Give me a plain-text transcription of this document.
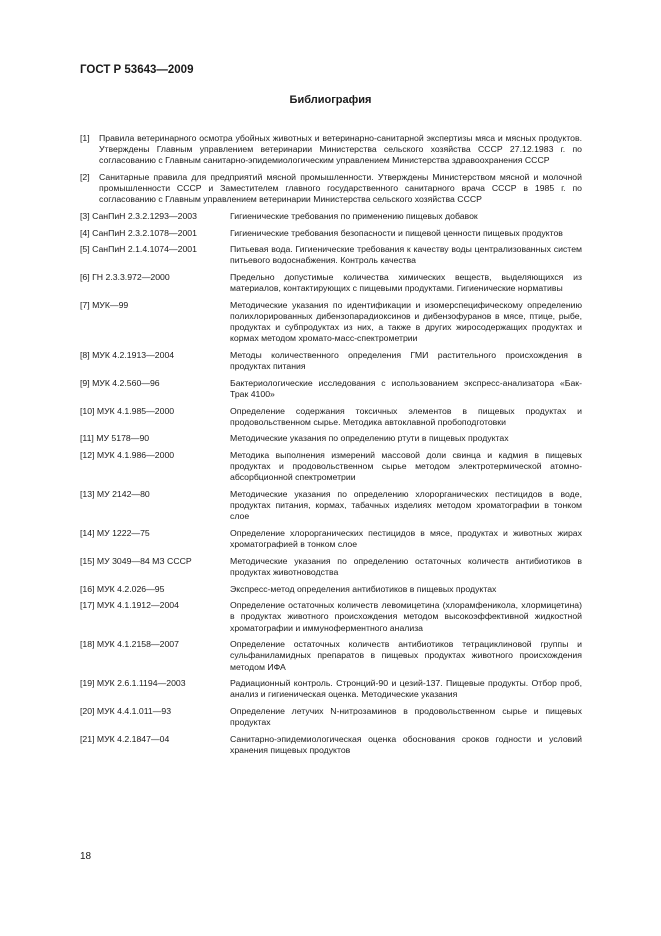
ГОСТ Р 53643—2009
Библиография
[1]	Правила ветеринарного осмотра убойных животных и ветеринарно-санитарной экспертизы мяса и мясных продуктов. Утверждены Главным управлением ветеринарии Министерства сельского хозяйства СССР 27.12.1983 г. по согласованию с Главным санитарно-эпидемиологическим управлением Министерства здравоохранения СССР
[2]	Санитарные правила для предприятий мясной промышленности. Утверждены Министерством мясной и молочной промышленности СССР и Заместителем главного государственного санитарного врача СССР в 1985 г. по согласованию с Главным управлением ветеринарии Министерства сельского хозяйства СССР
[3] СанПиН 2.3.2.1293—2003	Гигиенические требования по применению пищевых добавок
[4] СанПиН 2.3.2.1078—2001	Гигиенические требования безопасности и пищевой ценности пищевых продуктов
[5] СанПиН 2.1.4.1074—2001	Питьевая вода. Гигиенические требования к качеству воды централизованных систем питьевого водоснабжения. Контроль качества
[6] ГН 2.3.3.972—2000	Предельно допустимые количества химических веществ, выделяющихся из материалов, контактирующих с пищевыми продуктами. Гигиенические нормативы
[7] МУК—99	Методические указания по идентификации и изомерспецифическому определению полихлорированных дибензопарадиоксинов и дибензофуранов в мясе, птице, рыбе, продуктах и субпродуктах из них, а также в других жиросодержащих продуктах и кормах методом хромато-масс-спектрометрии
[8] МУК 4.2.1913—2004	Методы количественного определения ГМИ растительного происхождения в продуктах питания
[9] МУК 4.2.560—96	Бактериологические исследования с использованием экспресс-анализатора «Бак-Трак 4100»
[10] МУК 4.1.985—2000	Определение содержания токсичных элементов в пищевых продуктах и продовольственном сырье. Методика автоклавной пробоподготовки
[11] МУ 5178—90	Методические указания по определению ртути в пищевых продуктах
[12] МУК 4.1.986—2000	Методика выполнения измерений массовой доли свинца и кадмия в пищевых продуктах и продовольственном сырье методом электротермической атомно-абсорбционной спектрометрии
[13] МУ 2142—80	Методические указания по определению хлорорганических пестицидов в воде, продуктах питания, кормах, табачных изделиях методом хроматографии в тонком слое
[14] МУ 1222—75	Определение хлорорганических пестицидов в мясе, продуктах и животных жирах хроматографией в тонком слое
[15] МУ 3049—84 МЗ СССР	Методические указания по определению остаточных количеств антибиотиков в продуктах животноводства
[16] МУК 4.2.026—95	Экспресс-метод определения антибиотиков в пищевых продуктах
[17] МУК 4.1.1912—2004	Определение остаточных количеств левомицетина (хлорамфеникола, хлормицетина) в продуктах животного происхождения методом высокоэффективной жидкостной хроматографии и иммуноферментного анализа
[18] МУК 4.1.2158—2007	Определение остаточных количеств антибиотиков тетрациклиновой группы и сульфаниламидных препаратов в пищевых продуктах животного происхождения методом ИФА
[19] МУК 2.6.1.1194—2003	Радиационный контроль. Стронций-90 и цезий-137. Пищевые продукты. Отбор проб, анализ и гигиеническая оценка. Методические указания
[20] МУК 4.4.1.011—93	Определение летучих N-нитрозаминов в продовольственном сырье и пищевых продуктах
[21] МУК 4.2.1847—04	Санитарно-эпидемиологическая оценка обоснования сроков годности и условий хранения пищевых продуктов
18
